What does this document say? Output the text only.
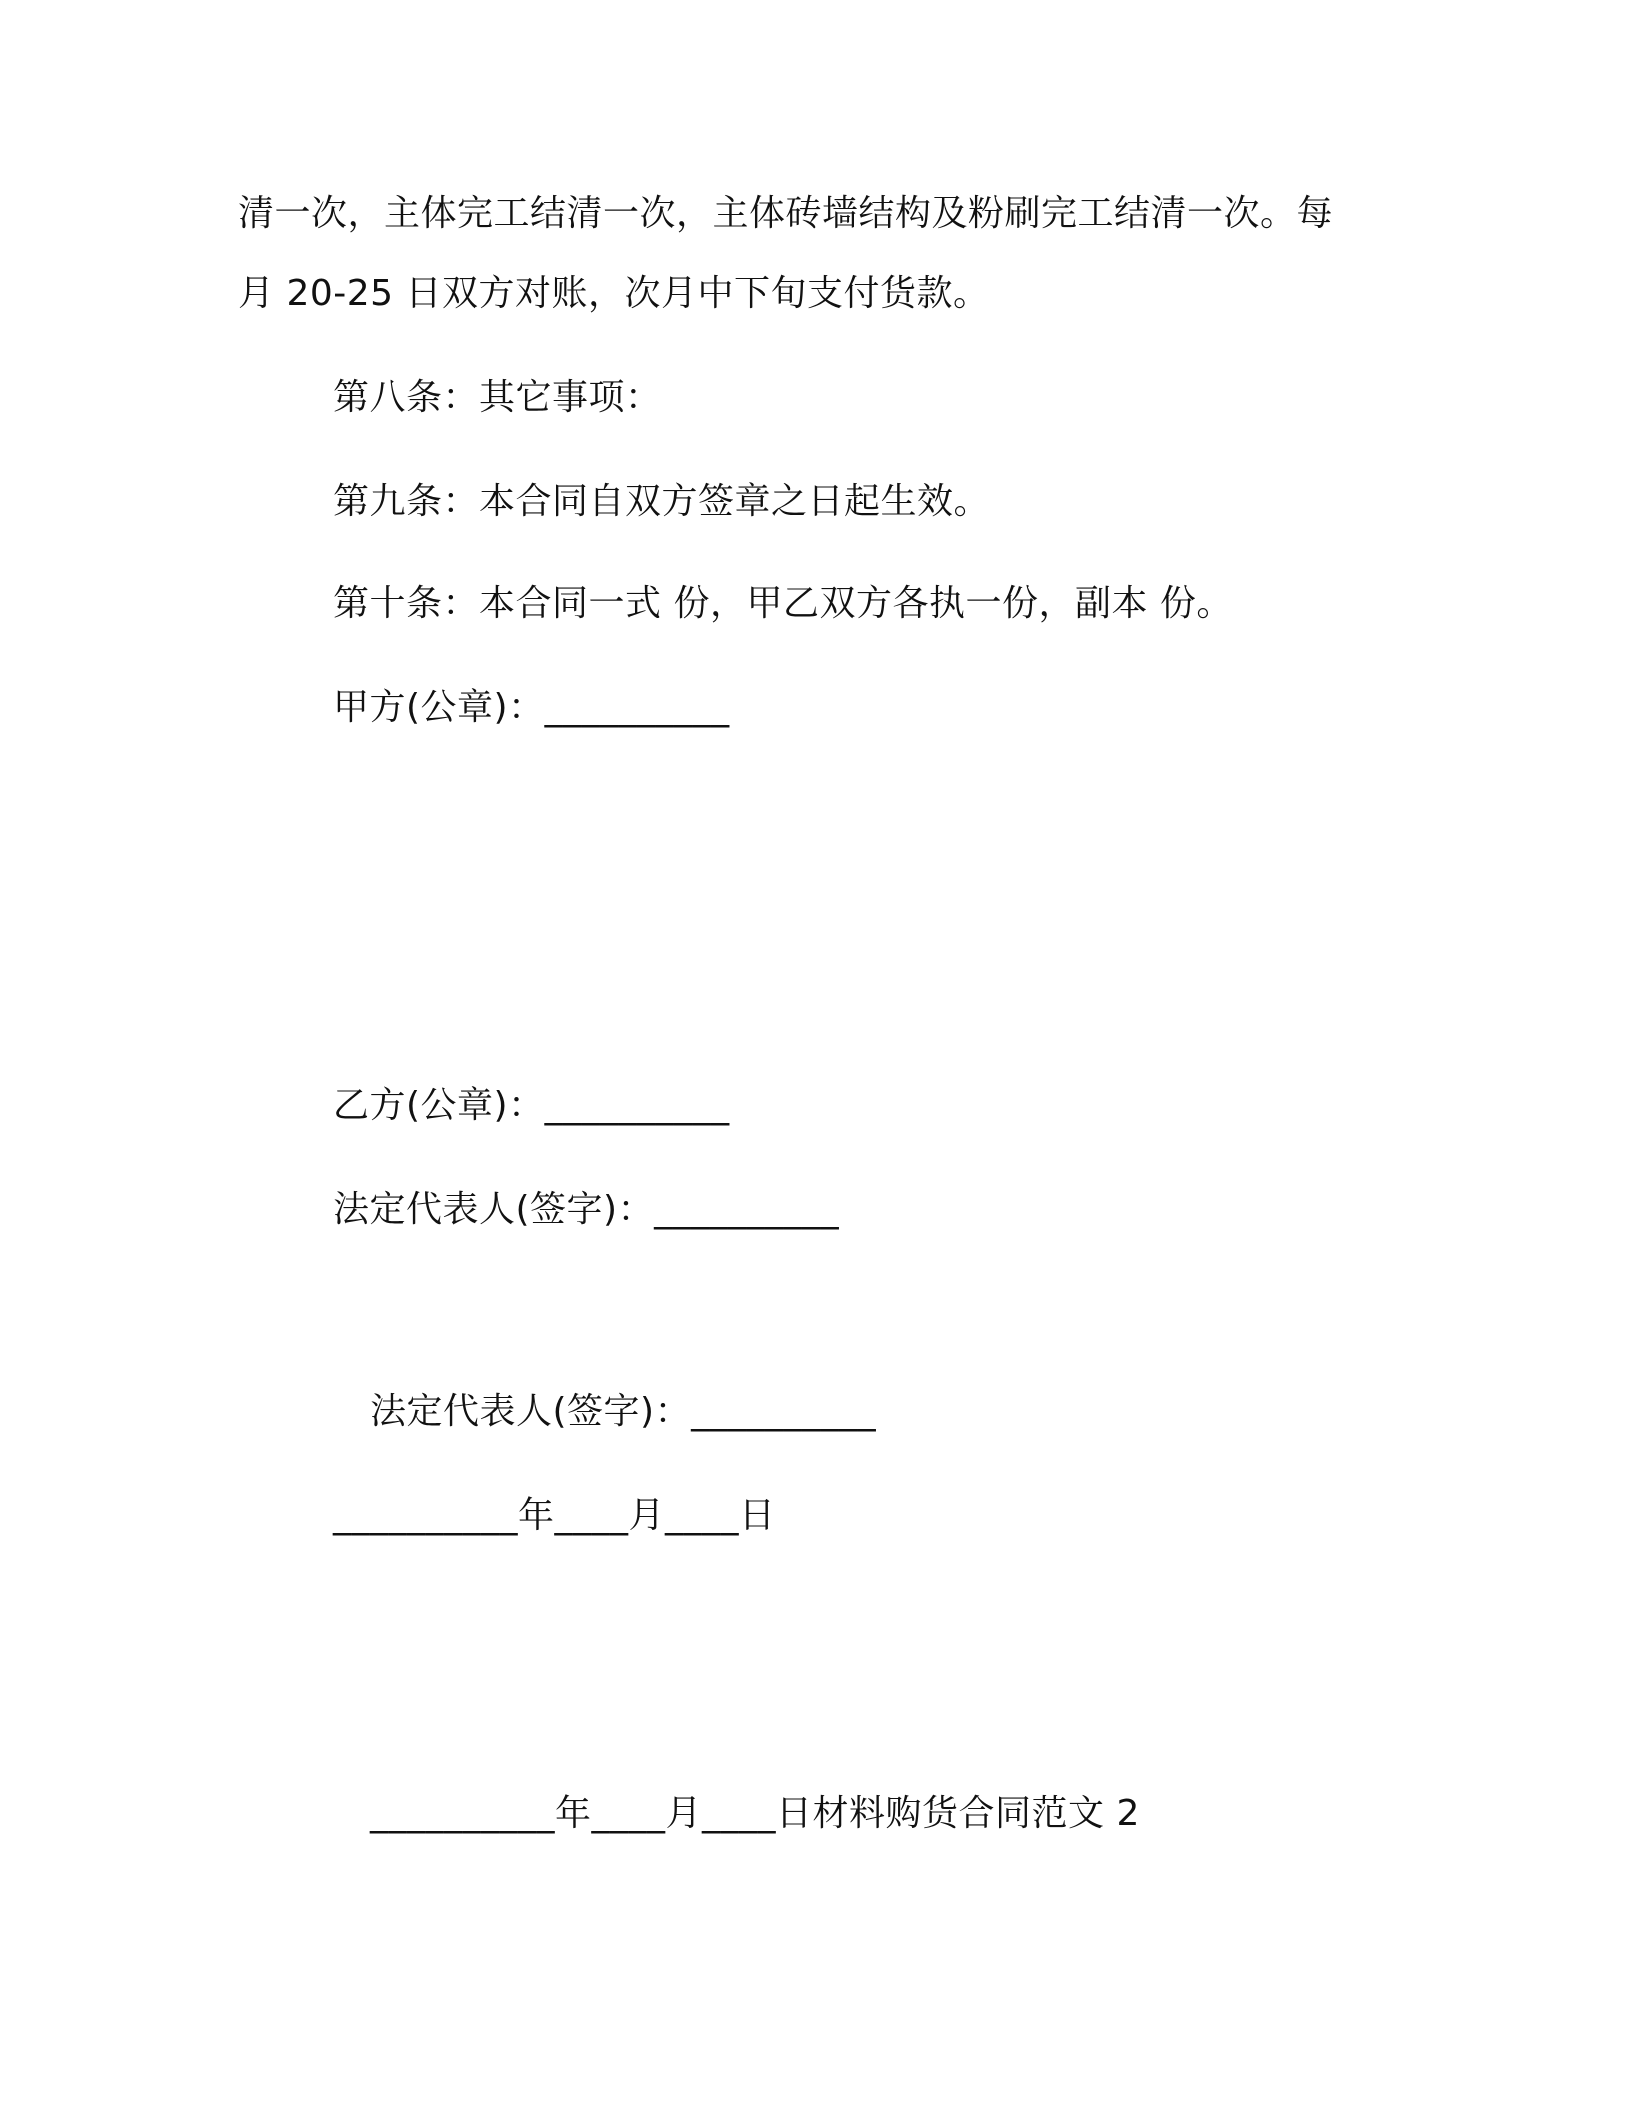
清一次，主体完工结清一次，主体砖墙结构及粉刷完工结清一次。每
月 20-25 日双方对账，次月中下旬支付货款。
第八条：其它事项：
第九条：本合同自双方签章之日起生效。
第十条：本合同一式 份，甲乙双方各执一份，副本 份。
甲方(公章)：__________
乙方(公章)：__________
法定代表人(签字)：__________
法定代表人(签字)：__________
__________年____月____日
__________年____月____日材料购货合同范文 2
